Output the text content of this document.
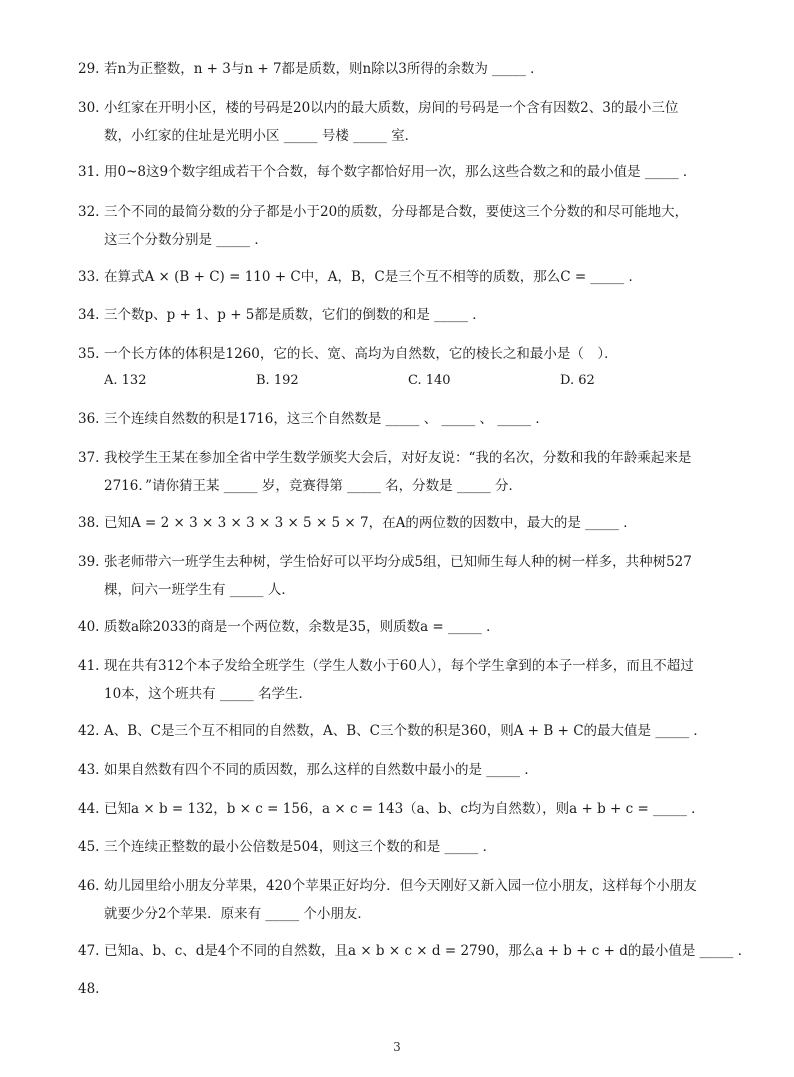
29. 若n为正整数，n + 3与n + 7都是质数，则n除以3所得的余数为 _____ ．
30. 小红家在开明小区，楼的号码是20以内的最大质数，房间的号码是一个含有因数2、3的最小三位
数，小红家的住址是光明小区 _____ 号楼 _____ 室．
31. 用0~8这9个数字组成若干个合数，每个数字都恰好用一次，那么这些合数之和的最小值是 _____ ．
32. 三个不同的最简分数的分子都是小于20的质数，分母都是合数，要使这三个分数的和尽可能地大，
这三个分数分别是 _____ ．
33. 在算式A × (B + C) = 110 + C中，A，B，C是三个互不相等的质数，那么C = _____ ．
34. 三个数p、p + 1、p + 5都是质数，它们的倒数的和是 _____ ．
35. 一个长方体的体积是1260，它的长、宽、高均为自然数，它的棱长之和最小是（　）．
A. 132	B. 192	C. 140	D. 62
36. 三个连续自然数的积是1716，这三个自然数是 _____ 、 _____ 、 _____ ．
37. 我校学生王某在参加全省中学生数学颁奖大会后，对好友说：“我的名次，分数和我的年龄乘起来是
2716．”请你猜王某 _____ 岁，竞赛得第 _____ 名，分数是 _____ 分．
38. 已知A = 2 × 3 × 3 × 3 × 3 × 5 × 5 × 7，在A的两位数的因数中，最大的是 _____ ．
39. 张老师带六一班学生去种树，学生恰好可以平均分成5组，已知师生每人种的树一样多，共种树527
棵，问六一班学生有 _____ 人．
40. 质数a除2033的商是一个两位数，余数是35，则质数a = _____ ．
41. 现在共有312个本子发给全班学生（学生人数小于60人），每个学生拿到的本子一样多，而且不超过
10本，这个班共有 _____ 名学生．
42. A、B、C是三个互不相同的自然数，A、B、C三个数的积是360，则A + B + C的最大值是 _____ ．
43. 如果自然数有四个不同的质因数，那么这样的自然数中最小的是 _____ ．
44. 已知a × b = 132，b × c = 156，a × c = 143（a、b、c均为自然数），则a + b + c = _____ ．
45. 三个连续正整数的最小公倍数是504，则这三个数的和是 _____ ．
46. 幼儿园里给小朋友分苹果，420个苹果正好均分．但今天刚好又新入园一位小朋友，这样每个小朋友
就要少分2个苹果．原来有 _____ 个小朋友．
47. 已知a、b、c、d是4个不同的自然数，且a × b × c × d = 2790，那么a + b + c + d的最小值是 _____ ．
48.
3
